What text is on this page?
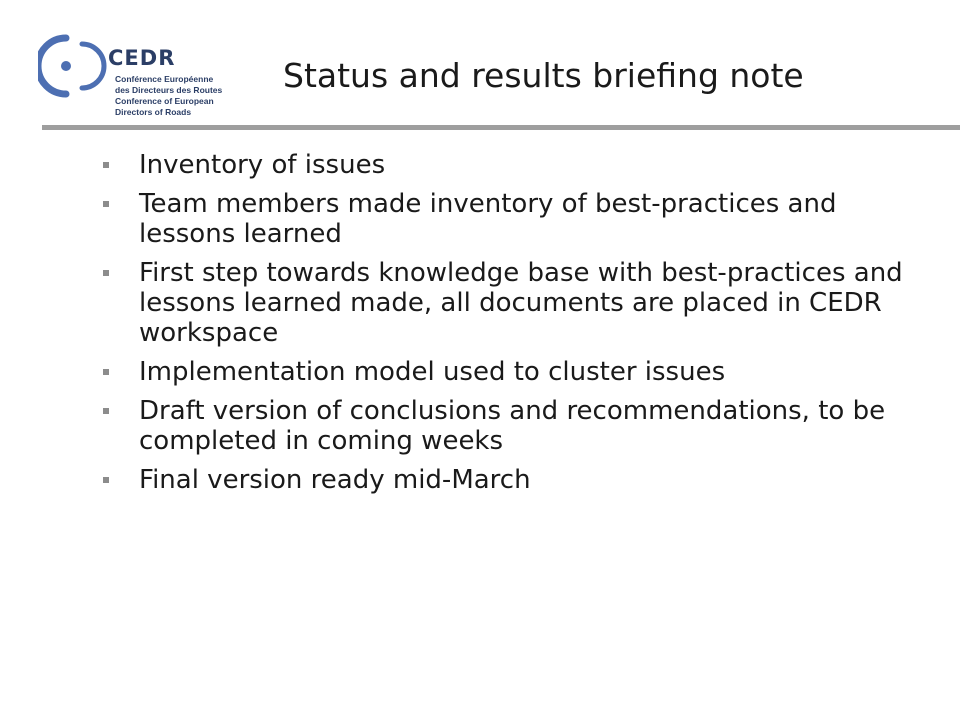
CEDR
Conférence Européenne
des Directeurs des Routes
Conference of European
Directors of Roads
Status and results briefing note
Inventory of issues
Team members made inventory of best-practices and lessons learned
First step towards knowledge base with best-practices and lessons learned made, all documents are placed in CEDR workspace
Implementation model used to cluster issues
Draft version of conclusions and recommendations, to be completed in coming weeks
Final version ready mid-March
